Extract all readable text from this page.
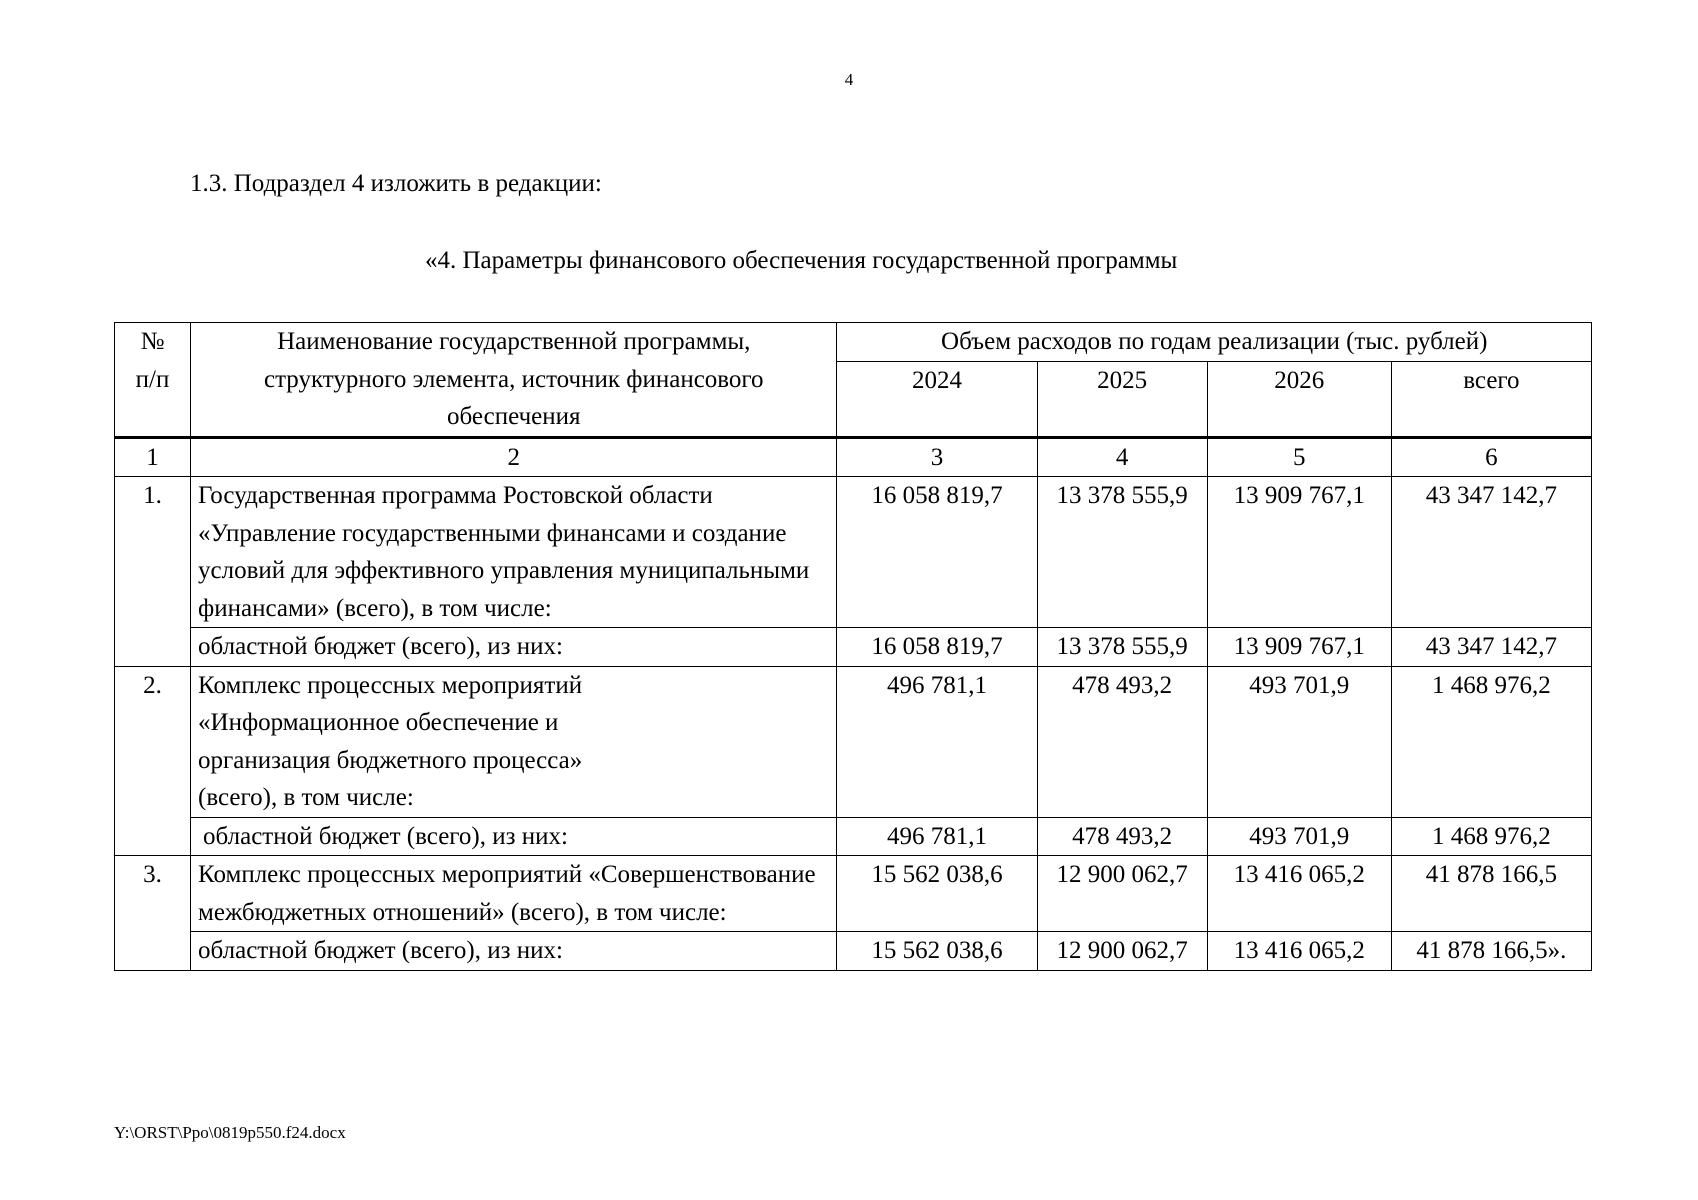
4
1.3. Подраздел 4 изложить в редакции:
«4. Параметры финансового обеспечения государственной программы
№ п/п	Наименование государственной программы, структурного элемента, источник финансового обеспечения	Объем расходов по годам реализации (тыс. рублей)			
		2024	2025	2026	всего
1	2	3	4	5	6
1.	Государственная программа Ростовской области «Управление государственными финансами и создание условий для эффективного управления муниципальными финансами» (всего), в том числе:	16 058 819,7	13 378 555,9	13 909 767,1	43 347 142,7
	областной бюджет (всего), из них:	16 058 819,7	13 378 555,9	13 909 767,1	43 347 142,7
2.	Комплекс процессных мероприятий «Информационное обеспечение и организация бюджетного процесса» (всего), в том числе:	496 781,1	478 493,2	493 701,9	1 468 976,2
	областной бюджет (всего), из них:	496 781,1	478 493,2	493 701,9	1 468 976,2
3.	Комплекс процессных мероприятий «Совершенствование межбюджетных отношений» (всего), в том числе:	15 562 038,6	12 900 062,7	13 416 065,2	41 878 166,5
	областной бюджет (всего), из них:	15 562 038,6	12 900 062,7	13 416 065,2	41 878 166,5».
Y:\ORST\Ppo\0819p550.f24.docx
